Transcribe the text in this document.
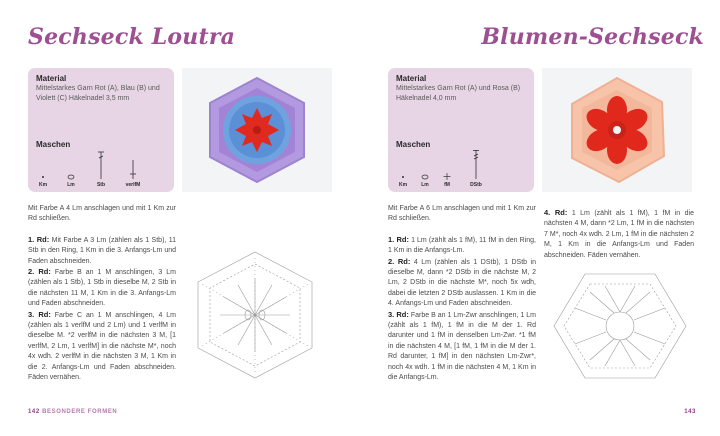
Sechseck Loutra
Material
Mittelstarkes Garn Rot (A), Blau (B) und Violett (C) Häkelnadel 3,5 mm
Maschen
Km	Lm	Stb	verlfM

Mit Farbe A 4 Lm anschlagen und mit 1 Km zur Rd schließen.

1. Rd: Mit Farbe A 3 Lm (zählen als 1 Stb), 11 Stb in den Ring, 1 Km in die 3. Anfangs-Lm und Faden abschneiden.
2. Rd: Farbe B an 1 M anschlingen, 3 Lm (zählen als 1 Stb), 1 Stb in dieselbe M, 2 Stb in die nächsten 11 M, 1 Km in die 3. Anfangs-Lm und Faden abschneiden.
3. Rd: Farbe C an 1 M anschlingen, 4 Lm (zählen als 1 verlfM und 2 Lm) und 1 verlfM in dieselbe M. *2 verlfM in die nächsten 3 M, [1 verlfM, 2 Lm, 1 verlfM] in die nächste M*, noch 4x wdh. 2 verlfM in die nächsten 3 M, 1 Km in die 2. Anfangs-Lm und Faden abschneiden. Fäden vernähen.
142 BESONDERE FORMEN
Blumen-Sechseck
Material
Mittelstarkes Garn Rot (A) und Rosa (B) Häkelnadel 4,0 mm
Maschen
Km	Lm	fM	DStb

Mit Farbe A 6 Lm anschlagen und mit 1 Km zur Rd schließen.

1. Rd: 1 Lm (zählt als 1 fM), 11 fM in den Ring, 1 Km in die Anfangs-Lm.
2. Rd: 4 Lm (zählen als 1 DStb), 1 DStb in dieselbe M, dann *2 DStb in die nächste M, 2 Lm, 2 DStb in die nächste M*, noch 5x wdh, dabei die letzten 2 DStb auslassen. 1 Km in die 4. Anfangs-Lm und Faden abschneiden.
3. Rd: Farbe B an 1 Lm-Zwr anschlingen, 1 Lm (zählt als 1 fM), 1 fM in die M der 1. Rd darunter und 1 fM in denselben Lm-Zwr. *1 fM in die nächsten 4 M, [1 fM, 1 fM in die M der 1. Rd darunter, 1 fM] in den nächsten Lm-Zwr*, noch 4x wdh. 1 fM in die nächsten 4 M, 1 Km in die Anfangs-Lm.
4. Rd: 1 Lm (zählt als 1 fM), 1 fM in die nächsten 4 M, dann *2 Lm, 1 fM in die nächsten 7 M*, noch 4x wdh. 2 Lm, 1 fM in die nächsten 2 M, 1 Km in die Anfangs-Lm und Faden abschneiden. Fäden vernähen.
143
